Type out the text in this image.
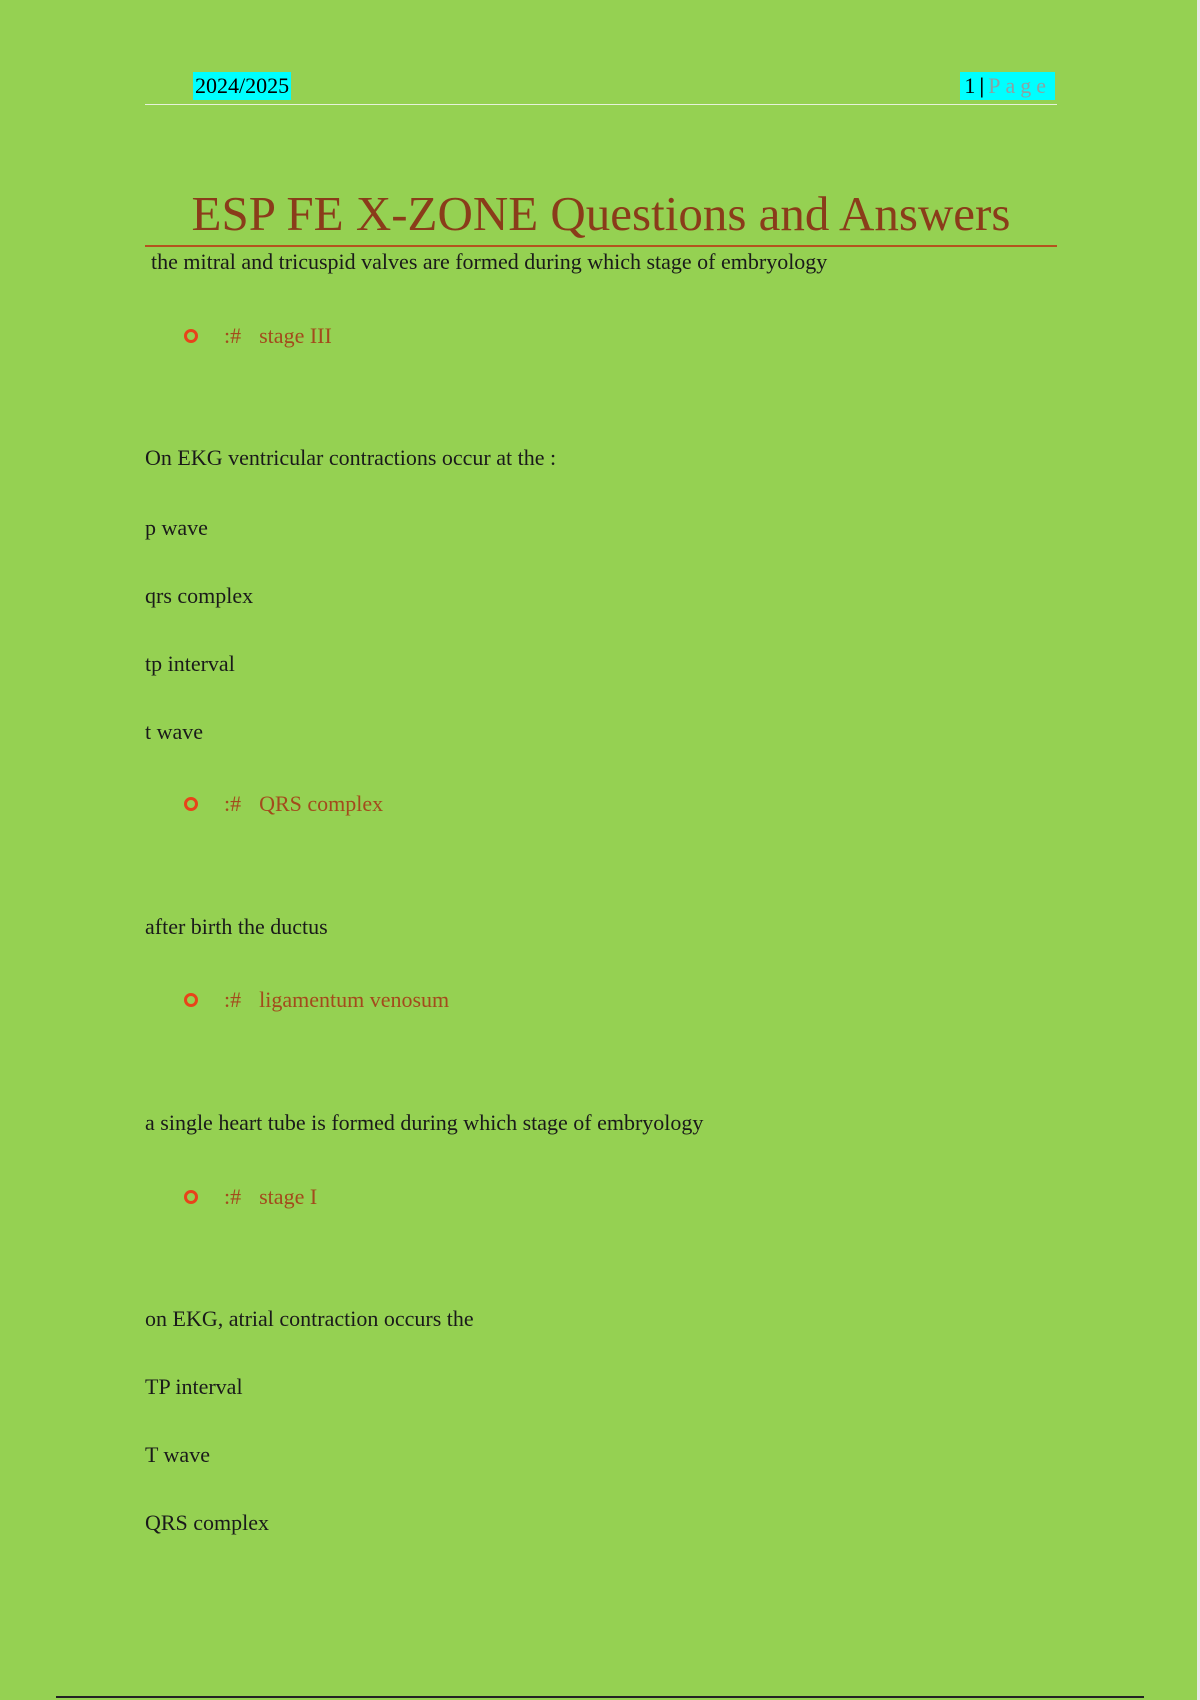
2024/2025	1 | Page
ESP FE X-ZONE Questions and Answers

the mitral and tricuspid valves are formed during which stage of embryology

:# stage III

On EKG ventricular contractions occur at the :

p wave
qrs complex
tp interval
t wave
:# QRS complex

after birth the ductus

:# ligamentum venosum

a single heart tube is formed during which stage of embryology

:# stage I

on EKG, atrial contraction occurs the

TP interval
T wave
QRS complex
